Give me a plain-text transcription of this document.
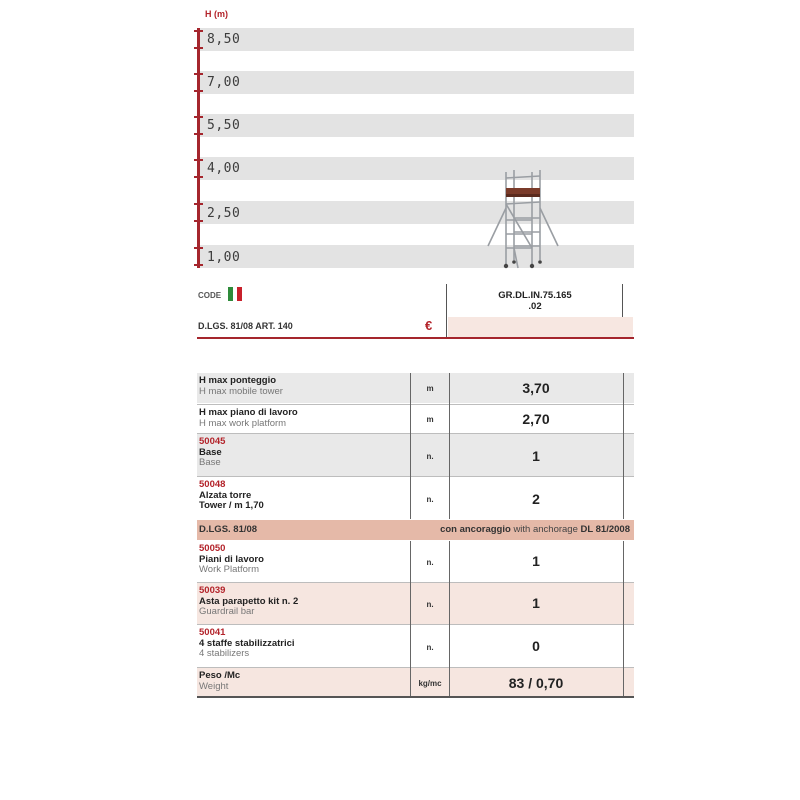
H (m)
8,50
7,00
5,50
4,00
2,50
1,00
CODE	GR.DL.IN.75.165
.02
D.LGS. 81/08 ART. 140	€
H max ponteggio
H max mobile tower	m	3,70
H max piano di lavoro
H max work platform	m	2,70
50045
Base
Base
n.	1
50048
Alzata torre
Tower / m 1,70
n.	2
D.LGS. 81/08	con ancoraggio with anchorage DL 81/2008
50050
Piani di lavoro
Work Platform
n.	1
50039
Asta parapetto kit n. 2
Guardrail bar
n.	1
50041
4 staffe stabilizzatrici
4 stabilizers
n.	0
Peso /Mc
Weight	kg/mc	83 / 0,70
